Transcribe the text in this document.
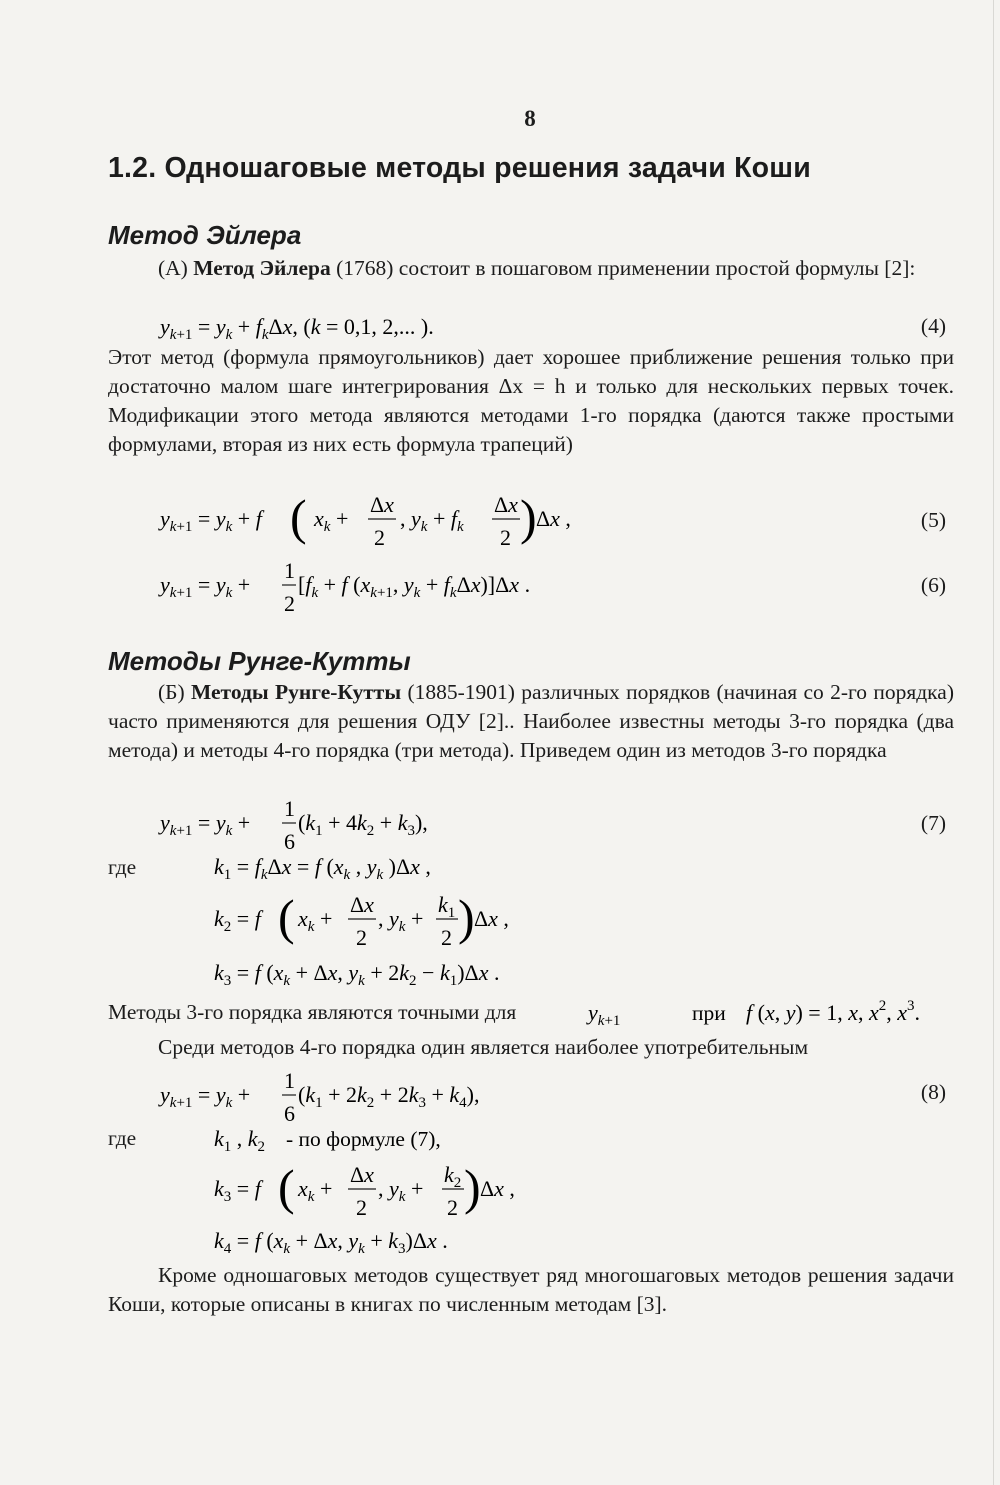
8
1.2. Одношаговые методы решения задачи Коши
Метод Эйлера
(А) Метод Эйлера (1768) состоит в пошаговом применении простой формулы [2]:
$y_k+1 = y_k + f_k\Delta x$, (k = 0,1, 2,... ).	(4)
Этот метод (формула прямоугольников) дает хорошее приближение решения только при достаточно малом шаге интегрирования Δx = h и только для нескольких первых точек. Модификации этого метода являются методами 1-го порядка (даются также простыми формулами, вторая из них есть формула трапеций)
$y_k+1 = y_k + f$ ( $x_k$ +
Δx
2
, $y_k + f_k$
Δx
2 ) Δx ,	(5)
$y_k+1 = y_k$ +
1
2
[$f_k + f$ ($x_{k+1}$, $y_k + f_k\Delta x)]\Delta x$ .	(6)
Методы Рунге-Кутты
(Б) Методы Рунге-Кутты (1885-1901) различных порядков (начиная со 2-го порядка) часто применяются для решения ОДУ [2].. Наиболее известны методы 3-го порядка (два метода) и методы 4-го порядка (три метода). Приведем один из методов 3-го порядка
$y_k+1 = y_k$ +
1
6
$(k_1 + 4k_2 + k_3)$,	(7)
где	$k_1 = f_k\Delta x = f$ ($x_k$ , $y_k$ )Δx ,
$k_2 = f$ ( $x_k$ +
Δx
2
, $y_k$ +
$k_1$
2 ) Δx ,
$k_3 = f$ ($x_k + \Delta x$, $y_k + 2k_2 - k_1)\Delta x$ .
Методы 3-го порядка являются точными для	$y_k+1$	при f (x, y) = 1, x, $x^2$, $x^3$.
Среди методов 4-го порядка один является наиболее употребительным
$y_k+1 = y_k$ +
1
6
$(k_1 + 2k_2 + 2k_3 + k_4)$,	(8)
где	$k_1$ , $k_2$ - по формуле (7),
$k_3 = f$ ( $x_k$ +
Δx
2
, $y_k$ +
$k_2$
2 ) Δx ,
$k_4 = f$ ($x_k + \Delta x$, $y_k + k_3)\Delta x$ .
Кроме одношаговых методов существует ряд многошаговых методов решения задачи Коши, которые описаны в книгах по численным методам [3].
